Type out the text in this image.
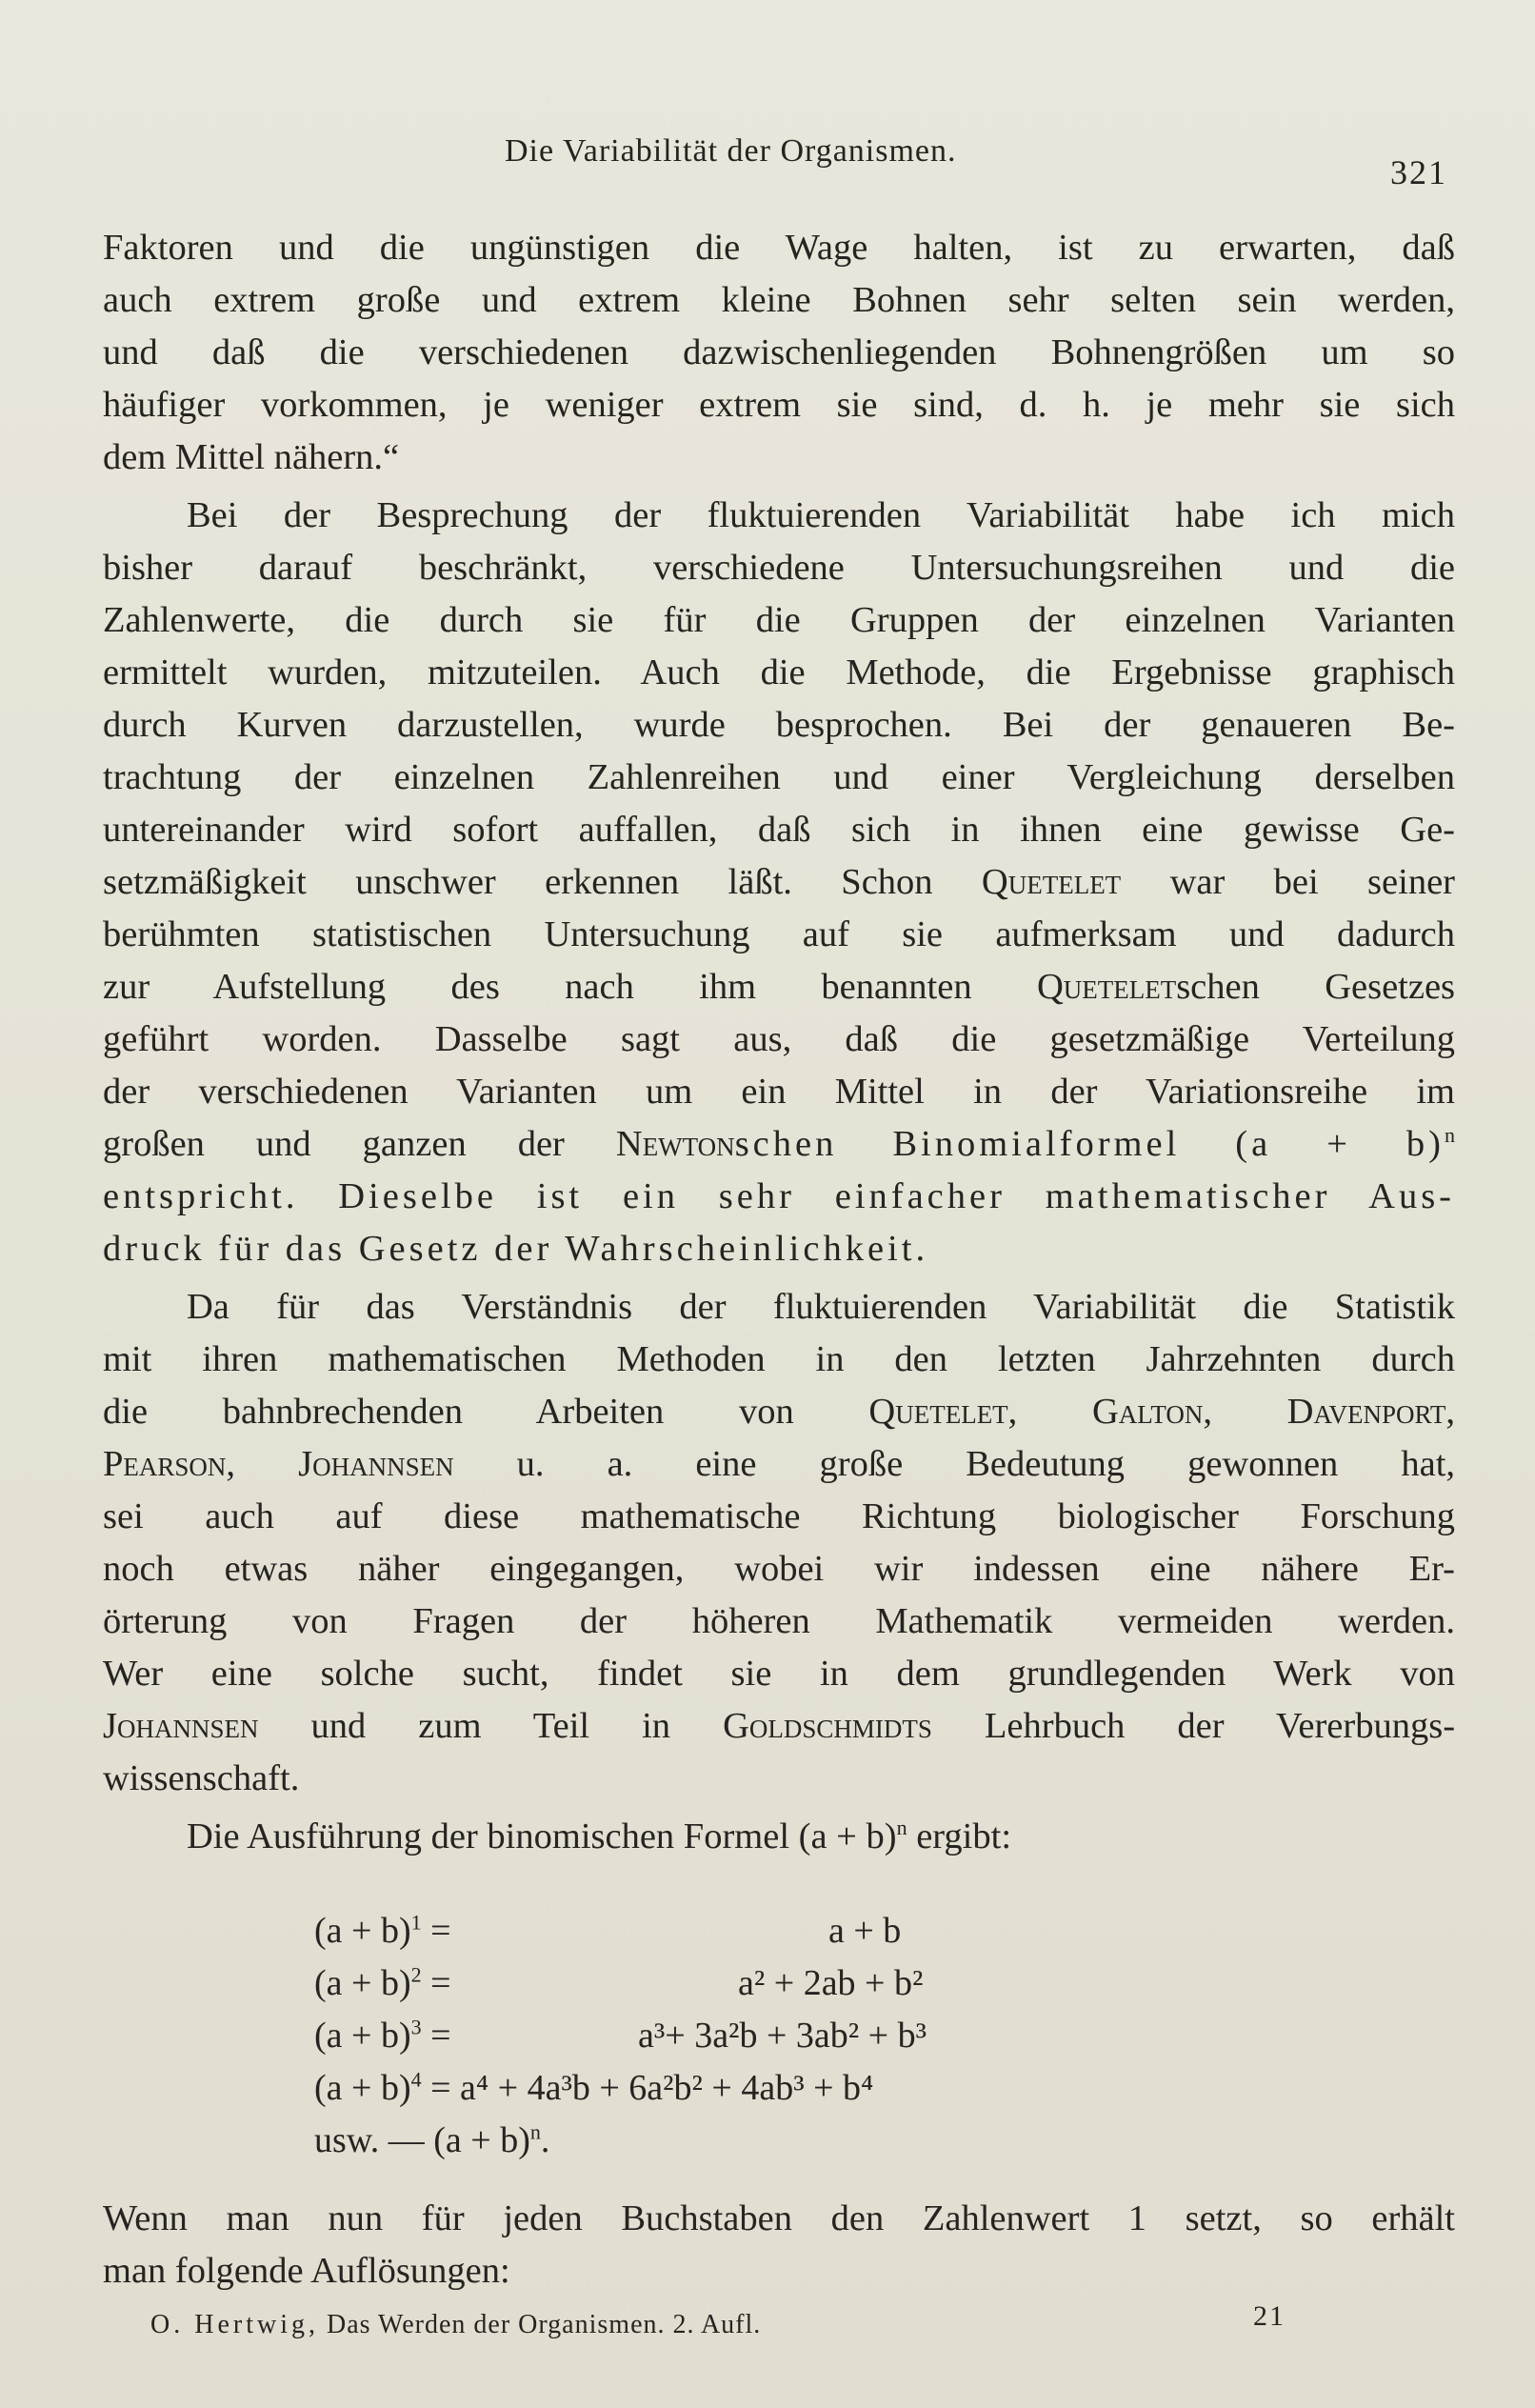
Die Variabilität der Organismen.
321
Faktoren und die ungünstigen die Wage halten, ist zu erwarten, daß
auch extrem große und extrem kleine Bohnen sehr selten sein werden,
und daß die verschiedenen dazwischenliegenden Bohnengrößen um so
häufiger vorkommen, je weniger extrem sie sind, d. h. je mehr sie sich
dem Mittel nähern.“
Bei der Besprechung der fluktuierenden Variabilität habe ich mich
bisher darauf beschränkt, verschiedene Untersuchungsreihen und die
Zahlenwerte, die durch sie für die Gruppen der einzelnen Varianten
ermittelt wurden, mitzuteilen. Auch die Methode, die Ergebnisse graphisch
durch Kurven darzustellen, wurde besprochen. Bei der genaueren Be-
trachtung der einzelnen Zahlenreihen und einer Vergleichung derselben
untereinander wird sofort auffallen, daß sich in ihnen eine gewisse Ge-
setzmäßigkeit unschwer erkennen läßt. Schon Quetelet war bei seiner
berühmten statistischen Untersuchung auf sie aufmerksam und dadurch
zur Aufstellung des nach ihm benannten Queteletschen Gesetzes
geführt worden. Dasselbe sagt aus, daß die gesetzmäßige Verteilung
der verschiedenen Varianten um ein Mittel in der Variationsreihe im
großen und ganzen der Newtonschen Binomialformel $(a + b)^n$
entspricht. Dieselbe ist ein sehr einfacher mathematischer Aus-
druck für das Gesetz der Wahrscheinlichkeit.
Da für das Verständnis der fluktuierenden Variabilität die Statistik
mit ihren mathematischen Methoden in den letzten Jahrzehnten durch
die bahnbrechenden Arbeiten von Quetelet, Galton, Davenport,
Pearson, Johannsen u. a. eine große Bedeutung gewonnen hat,
sei auch auf diese mathematische Richtung biologischer Forschung
noch etwas näher eingegangen, wobei wir indessen eine nähere Er-
örterung von Fragen der höheren Mathematik vermeiden werden.
Wer eine solche sucht, findet sie in dem grundlegenden Werk von
Johannsen und zum Teil in Goldschmidts Lehrbuch der Vererbungs-
wissenschaft.
Die Ausführung der binomischen Formel $(a + b)^n$ ergibt:
$(a + b)^1$ =	a + b
$(a + b)^2$ =	a² + 2ab + b²
$(a + b)^3$ =	a³+ 3a²b + 3ab² + b³
$(a + b)^4 = a^4 + 4a^3b + 6a^2b^2 + 4ab^3 + b^4$
usw. — $(a + b)^n$.
Wenn man nun für jeden Buchstaben den Zahlenwert 1 setzt, so erhält
man folgende Auflösungen:
O. Hertwig, Das Werden der Organismen. 2. Aufl.	21
